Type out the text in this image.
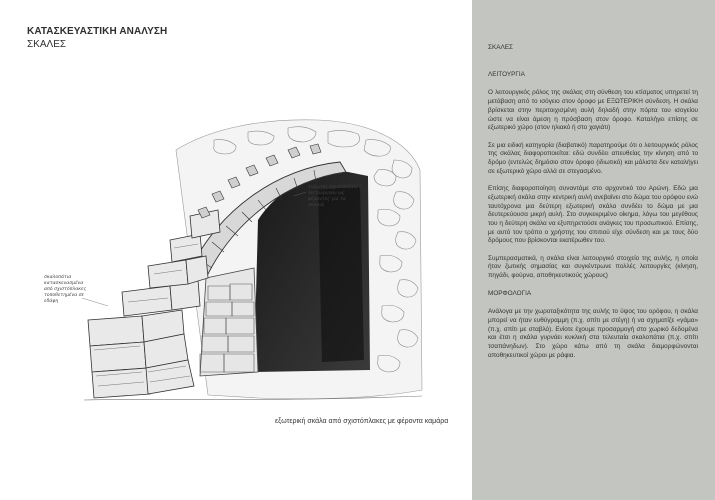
ΚΑΤΑΣΚΕΥΑΣΤΙΚΗ ΑΝΑΛΥΣΗ
ΣΚΑΛΕΣ
τοξωτές σχιστόπλακες
λειτουργούν ως
φέροντες για τα
σκαλιά
σκαλοπάτια
κατασκευασμένα
από σχιστόπλακες
τοποθετημένα σε
εδάφη
εξωτερική σκάλα από σχιστόπλακες με φέροντα καμάρα
ΣΚΑΛΕΣ
ΛΕΙΤΟΥΡΓΙΑ

Ο λειτουργικός ρόλος της σκάλας στη σύνθεση του κτίσματος υπηρετεί τη μετάβαση από το ισόγειο στον όροφο με ΕΞΩΤΕΡΙΚΗ σύνδεση. Η σκάλα βρίσκεται στην περιτοιχισμένη αυλή δηλαδή στην πόρτα του ισογείου ώστε να είναι άμεση η πρόσβαση στον όροφο. Καταλήγει επίσης σε εξωτερικό χώρο (στον ηλιακό ή στο χαγιάτι)

Σε μια ειδική κατηγορία (διαβατικό) παρατηρούμε ότι ο λειτουργικός ρόλος της σκάλας διαφοροποιείται: εδώ συνδέει απευθείας την κίνηση από το δρόμο (εντελώς δημόσιο στον όροφο (ιδιωτικό) και μάλιστα δεν καταλήγει σε εξωτερικό χώρο αλλά σε στεγασμένο.

Επίσης διαφοροποίηση συναντάμε στο αρχοντικό του Αρώνη. Εδώ μια εξωτερική σκάλα στην κεντρική αυλή ανεβαίνει στο δώμα του ορόφου ενώ ταυτόχρονα μια δεύτερη εξωτερική σκάλα συνδέει το δώμα με μια δευτερεύουσα μικρή αυλή. Στο συγκεκριμένο οίκημα, λόγω του μεγέθους του η δεύτερη σκάλα να εξυπηρετούσε ανάγκες του προσωπικού. Επίσης, με αυτό τον τρόπο ο χρήστης του σπιτιού είχε σύνδεση και με τους δύο δρόμους που βρίσκονται εκατέρωθεν του.

Συμπερασματικά, η σκάλα είναι λειτουργικό στοιχείο της αυλής, η οποία ήταν ζωτικής σημασίας και συγκέντρωνε πολλές λειτουργίες (κίνηση, πηγάδι, φούρνα, αποθηκευτικούς χώρους)

ΜΟΡΦΟΛΟΓΙΑ

Ανάλογα με την χωροταξικότητα της αυλής το ύψος του ορόφου, η σκάλα μπορεί να ήταν ευθύγραμμη (π.χ. σπίτι με στέγη) ή να σχηματίζε «γάμα» (π.χ. σπίτι με σταβλό). Ενίοτε έχουμε προσαρμογή στο χωρικό δεδομένα και έτσι η σκάλα γυρνάει κυκλική στα τελευταία σκαλοπάτια (π.χ. σπίτι τσαπάνηδων). Στο χώρο κάτω από τη σκάλα διαμορφώνονται αποθηκευτικοί χώροι με ράφια.
